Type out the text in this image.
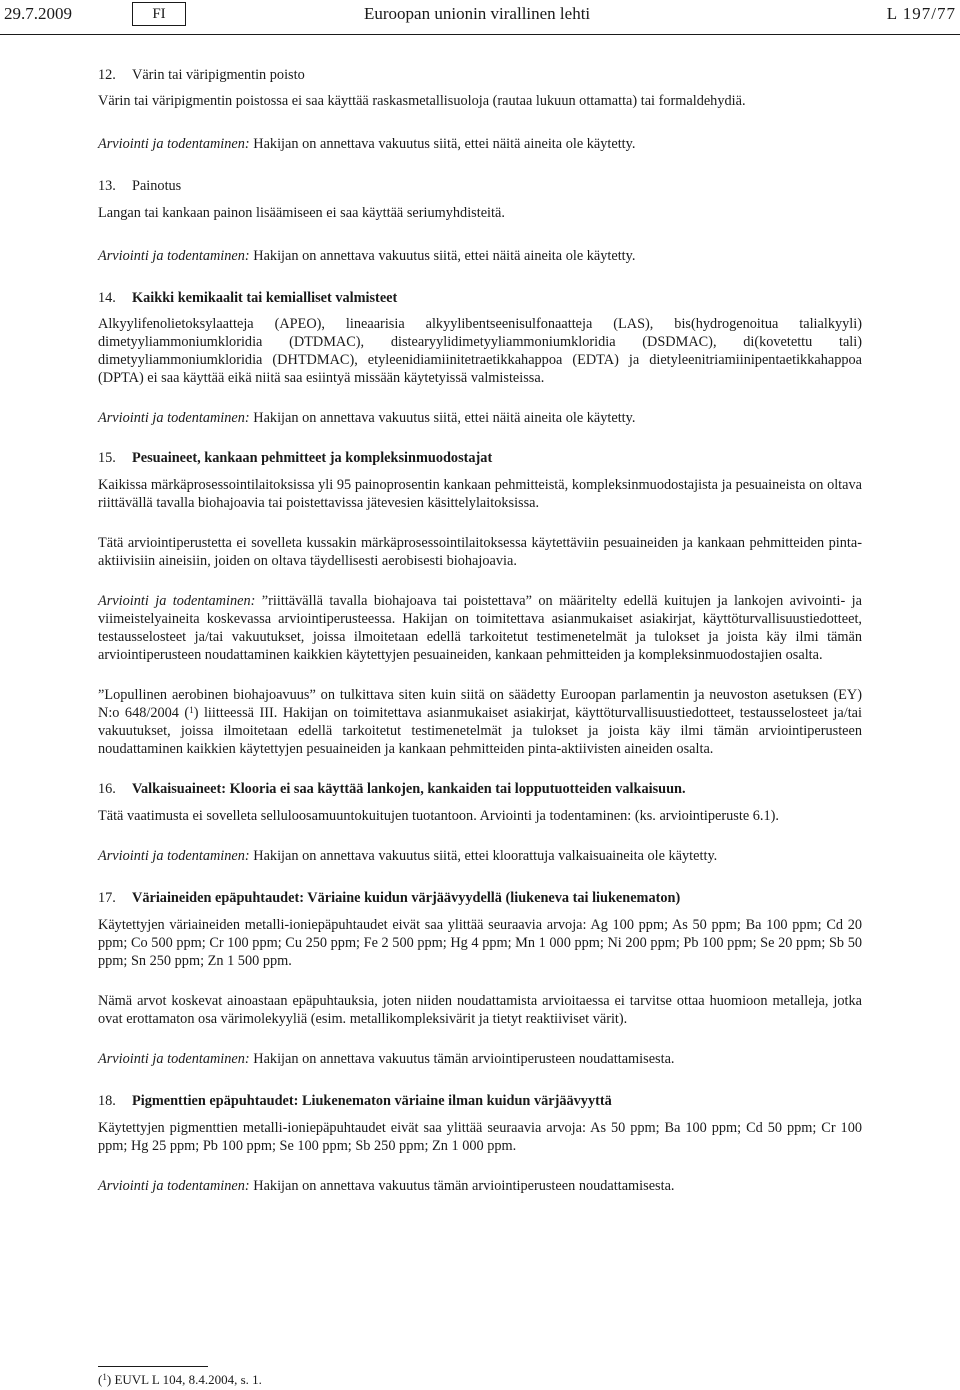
29.7.2009	FI	Euroopan unionin virallinen lehti	L 197/77
12.	Värin tai väripigmentin poisto

Värin tai väripigmentin poistossa ei saa käyttää raskasmetallisuoloja (rautaa lukuun ottamatta) tai formaldehydiä.

Arviointi ja todentaminen: Hakijan on annettava vakuutus siitä, ettei näitä aineita ole käytetty.

13.	Painotus

Langan tai kankaan painon lisäämiseen ei saa käyttää seriumyhdisteitä.

Arviointi ja todentaminen: Hakijan on annettava vakuutus siitä, ettei näitä aineita ole käytetty.

14.	Kaikki kemikaalit tai kemialliset valmisteet

Alkyylifenolietoksylaatteja (APEO), lineaarisia alkyylibentseenisulfonaatteja (LAS), bis(hydrogenoitua talialkyyli) dimetyyliammoniumkloridia (DTDMAC), distearyylidimetyyliammoniumkloridia (DSDMAC), di(kovetettu tali) dimetyyliammoniumkloridia (DHTDMAC), etyleenidiamiinitetraetikkahappoa (EDTA) ja dietyleenitriamiinipentaetikkahappoa (DPTA) ei saa käyttää eikä niitä saa esiintyä missään käytetyissä valmisteissa.

Arviointi ja todentaminen: Hakijan on annettava vakuutus siitä, ettei näitä aineita ole käytetty.

15.	Pesuaineet, kankaan pehmitteet ja kompleksinmuodostajat

Kaikissa märkäprosessointilaitoksissa yli 95 painoprosentin kankaan pehmitteistä, kompleksinmuodostajista ja pesuaineista on oltava riittävällä tavalla biohajoavia tai poistettavissa jätevesien käsittelylaitoksissa.

Tätä arviointiperustetta ei sovelleta kussakin märkäprosessointilaitoksessa käytettäviin pesuaineiden ja kankaan pehmitteiden pinta-aktiivisiin aineisiin, joiden on oltava täydellisesti aerobisesti biohajoavia.

Arviointi ja todentaminen: ”riittävällä tavalla biohajoava tai poistettava” on määritelty edellä kuitujen ja lankojen avivointi- ja viimeistelyaineita koskevassa arviointiperusteessa. Hakijan on toimitettava asianmukaiset asiakirjat, käyttöturvallisuustiedotteet, testausselosteet ja/tai vakuutukset, joissa ilmoitetaan edellä tarkoitetut testimenetelmät ja tulokset ja joista käy ilmi tämän arviointiperusteen noudattaminen kaikkien käytettyjen pesuaineiden, kankaan pehmitteiden ja kompleksinmuodostajien osalta.

”Lopullinen aerobinen biohajoavuus” on tulkittava siten kuin siitä on säädetty Euroopan parlamentin ja neuvoston asetuksen (EY) N:o 648/2004 ($^1$) liitteessä III. Hakijan on toimitettava asianmukaiset asiakirjat, käyttöturvallisuustiedotteet, testausselosteet ja/tai vakuutukset, joissa ilmoitetaan edellä tarkoitetut testimenetelmät ja tulokset ja joista käy ilmi tämän arviointiperusteen noudattaminen kaikkien käytettyjen pesuaineiden ja kankaan pehmitteiden pinta-aktiivisten aineiden osalta.

16.	Valkaisuaineet: Klooria ei saa käyttää lankojen, kankaiden tai lopputuotteiden valkaisuun.

Tätä vaatimusta ei sovelleta selluloosamuuntokuitujen tuotantoon. Arviointi ja todentaminen: (ks. arviointiperuste 6.1).

Arviointi ja todentaminen: Hakijan on annettava vakuutus siitä, ettei kloorattuja valkaisuaineita ole käytetty.

17.	Väriaineiden epäpuhtaudet: Väriaine kuidun värjäävyydellä (liukeneva tai liukenematon)

Käytettyjen väriaineiden metalli-ioniepäpuhtaudet eivät saa ylittää seuraavia arvoja: Ag 100 ppm; As 50 ppm; Ba 100 ppm; Cd 20 ppm; Co 500 ppm; Cr 100 ppm; Cu 250 ppm; Fe 2 500 ppm; Hg 4 ppm; Mn 1 000 ppm; Ni 200 ppm; Pb 100 ppm; Se 20 ppm; Sb 50 ppm; Sn 250 ppm; Zn 1 500 ppm.

Nämä arvot koskevat ainoastaan epäpuhtauksia, joten niiden noudattamista arvioitaessa ei tarvitse ottaa huomioon metalleja, jotka ovat erottamaton osa värimolekyyliä (esim. metallikompleksivärit ja tietyt reaktiiviset värit).

Arviointi ja todentaminen: Hakijan on annettava vakuutus tämän arviointiperusteen noudattamisesta.

18.	Pigmenttien epäpuhtaudet: Liukenematon väriaine ilman kuidun värjäävyyttä

Käytettyjen pigmenttien metalli-ioniepäpuhtaudet eivät saa ylittää seuraavia arvoja: As 50 ppm; Ba 100 ppm; Cd 50 ppm; Cr 100 ppm; Hg 25 ppm; Pb 100 ppm; Se 100 ppm; Sb 250 ppm; Zn 1 000 ppm.

Arviointi ja todentaminen: Hakijan on annettava vakuutus tämän arviointiperusteen noudattamisesta.

($^1$) EUVL L 104, 8.4.2004, s. 1.
